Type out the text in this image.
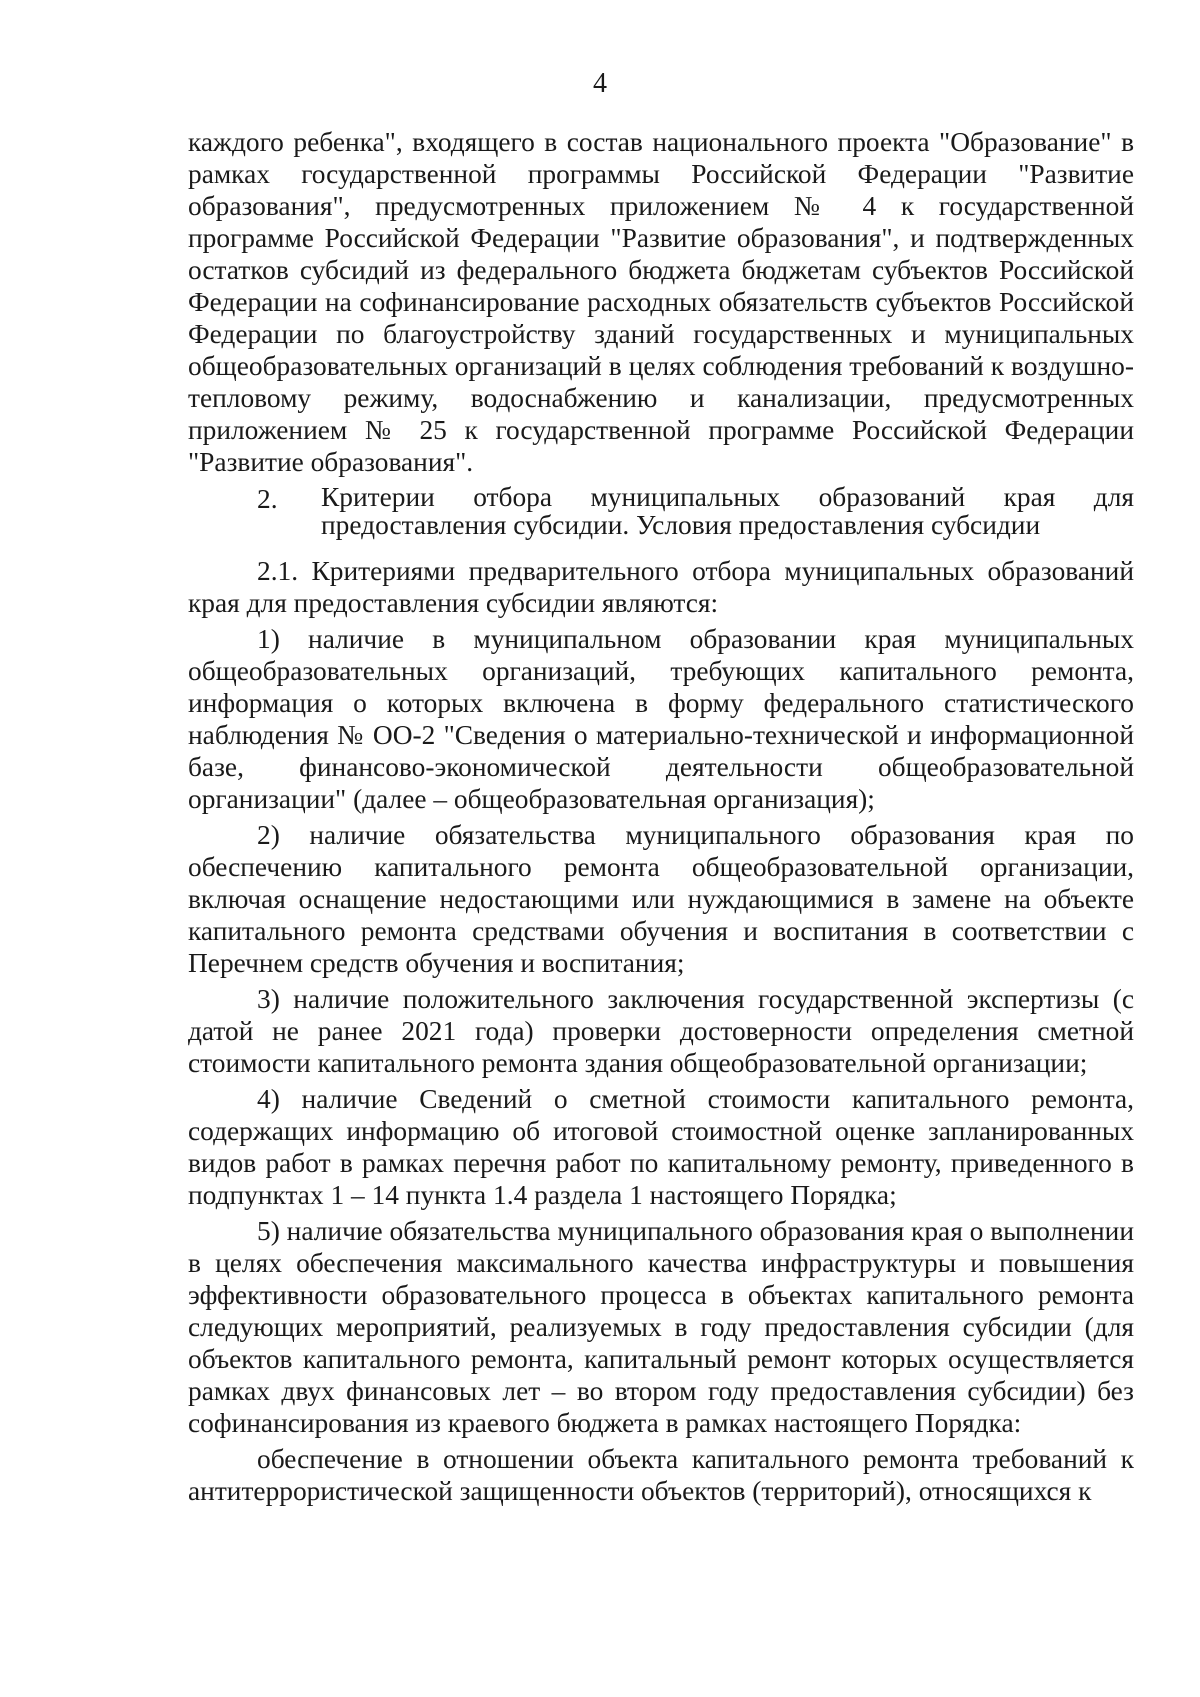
4

каждого ребенка", входящего в состав национального проекта "Образование" в рамках государственной программы Российской Федерации "Развитие образования", предусмотренных приложением № 4 к государственной программе Российской Федерации "Развитие образования", и подтвержденных остатков субсидий из федерального бюджета бюджетам субъектов Российской Федерации на софинансирование расходных обязательств субъектов Российской Федерации по благоустройству зданий государственных и муниципальных общеобразовательных организаций в целях соблюдения требований к воздушно-тепловому режиму, водоснабжению и канализации, предусмотренных приложением № 25 к государственной программе Российской Федерации "Развитие образования".

2.	Критерии отбора муниципальных образований края для предоставления субсидии. Условия предоставления субсидии

2.1. Критериями предварительного отбора муниципальных образований края для предоставления субсидии являются:

1) наличие в муниципальном образовании края муниципальных общеобразовательных организаций, требующих капитального ремонта, информация о которых включена в форму федерального статистического наблюдения № ОО-2 "Сведения о материально-технической и информационной базе, финансово-экономической деятельности общеобразовательной организации" (далее – общеобразовательная организация);

2) наличие обязательства муниципального образования края по обеспечению капитального ремонта общеобразовательной организации, включая оснащение недостающими или нуждающимися в замене на объекте капитального ремонта средствами обучения и воспитания в соответствии с Перечнем средств обучения и воспитания;

3) наличие положительного заключения государственной экспертизы (с датой не ранее 2021 года) проверки достоверности определения сметной стоимости капитального ремонта здания общеобразовательной организации;

4) наличие Сведений о сметной стоимости капитального ремонта, содержащих информацию об итоговой стоимостной оценке запланированных видов работ в рамках перечня работ по капитальному ремонту, приведенного в подпунктах 1 – 14 пункта 1.4 раздела 1 настоящего Порядка;

5) наличие обязательства муниципального образования края о выполнении в целях обеспечения максимального качества инфраструктуры и повышения эффективности образовательного процесса в объектах капитального ремонта следующих мероприятий, реализуемых в году предоставления субсидии (для объектов капитального ремонта, капитальный ремонт которых осуществляется рамках двух финансовых лет – во втором году предоставления субсидии) без софинансирования из краевого бюджета в рамках настоящего Порядка:

обеспечение в отношении объекта капитального ремонта требований к антитеррористической защищенности объектов (территорий), относящихся к
